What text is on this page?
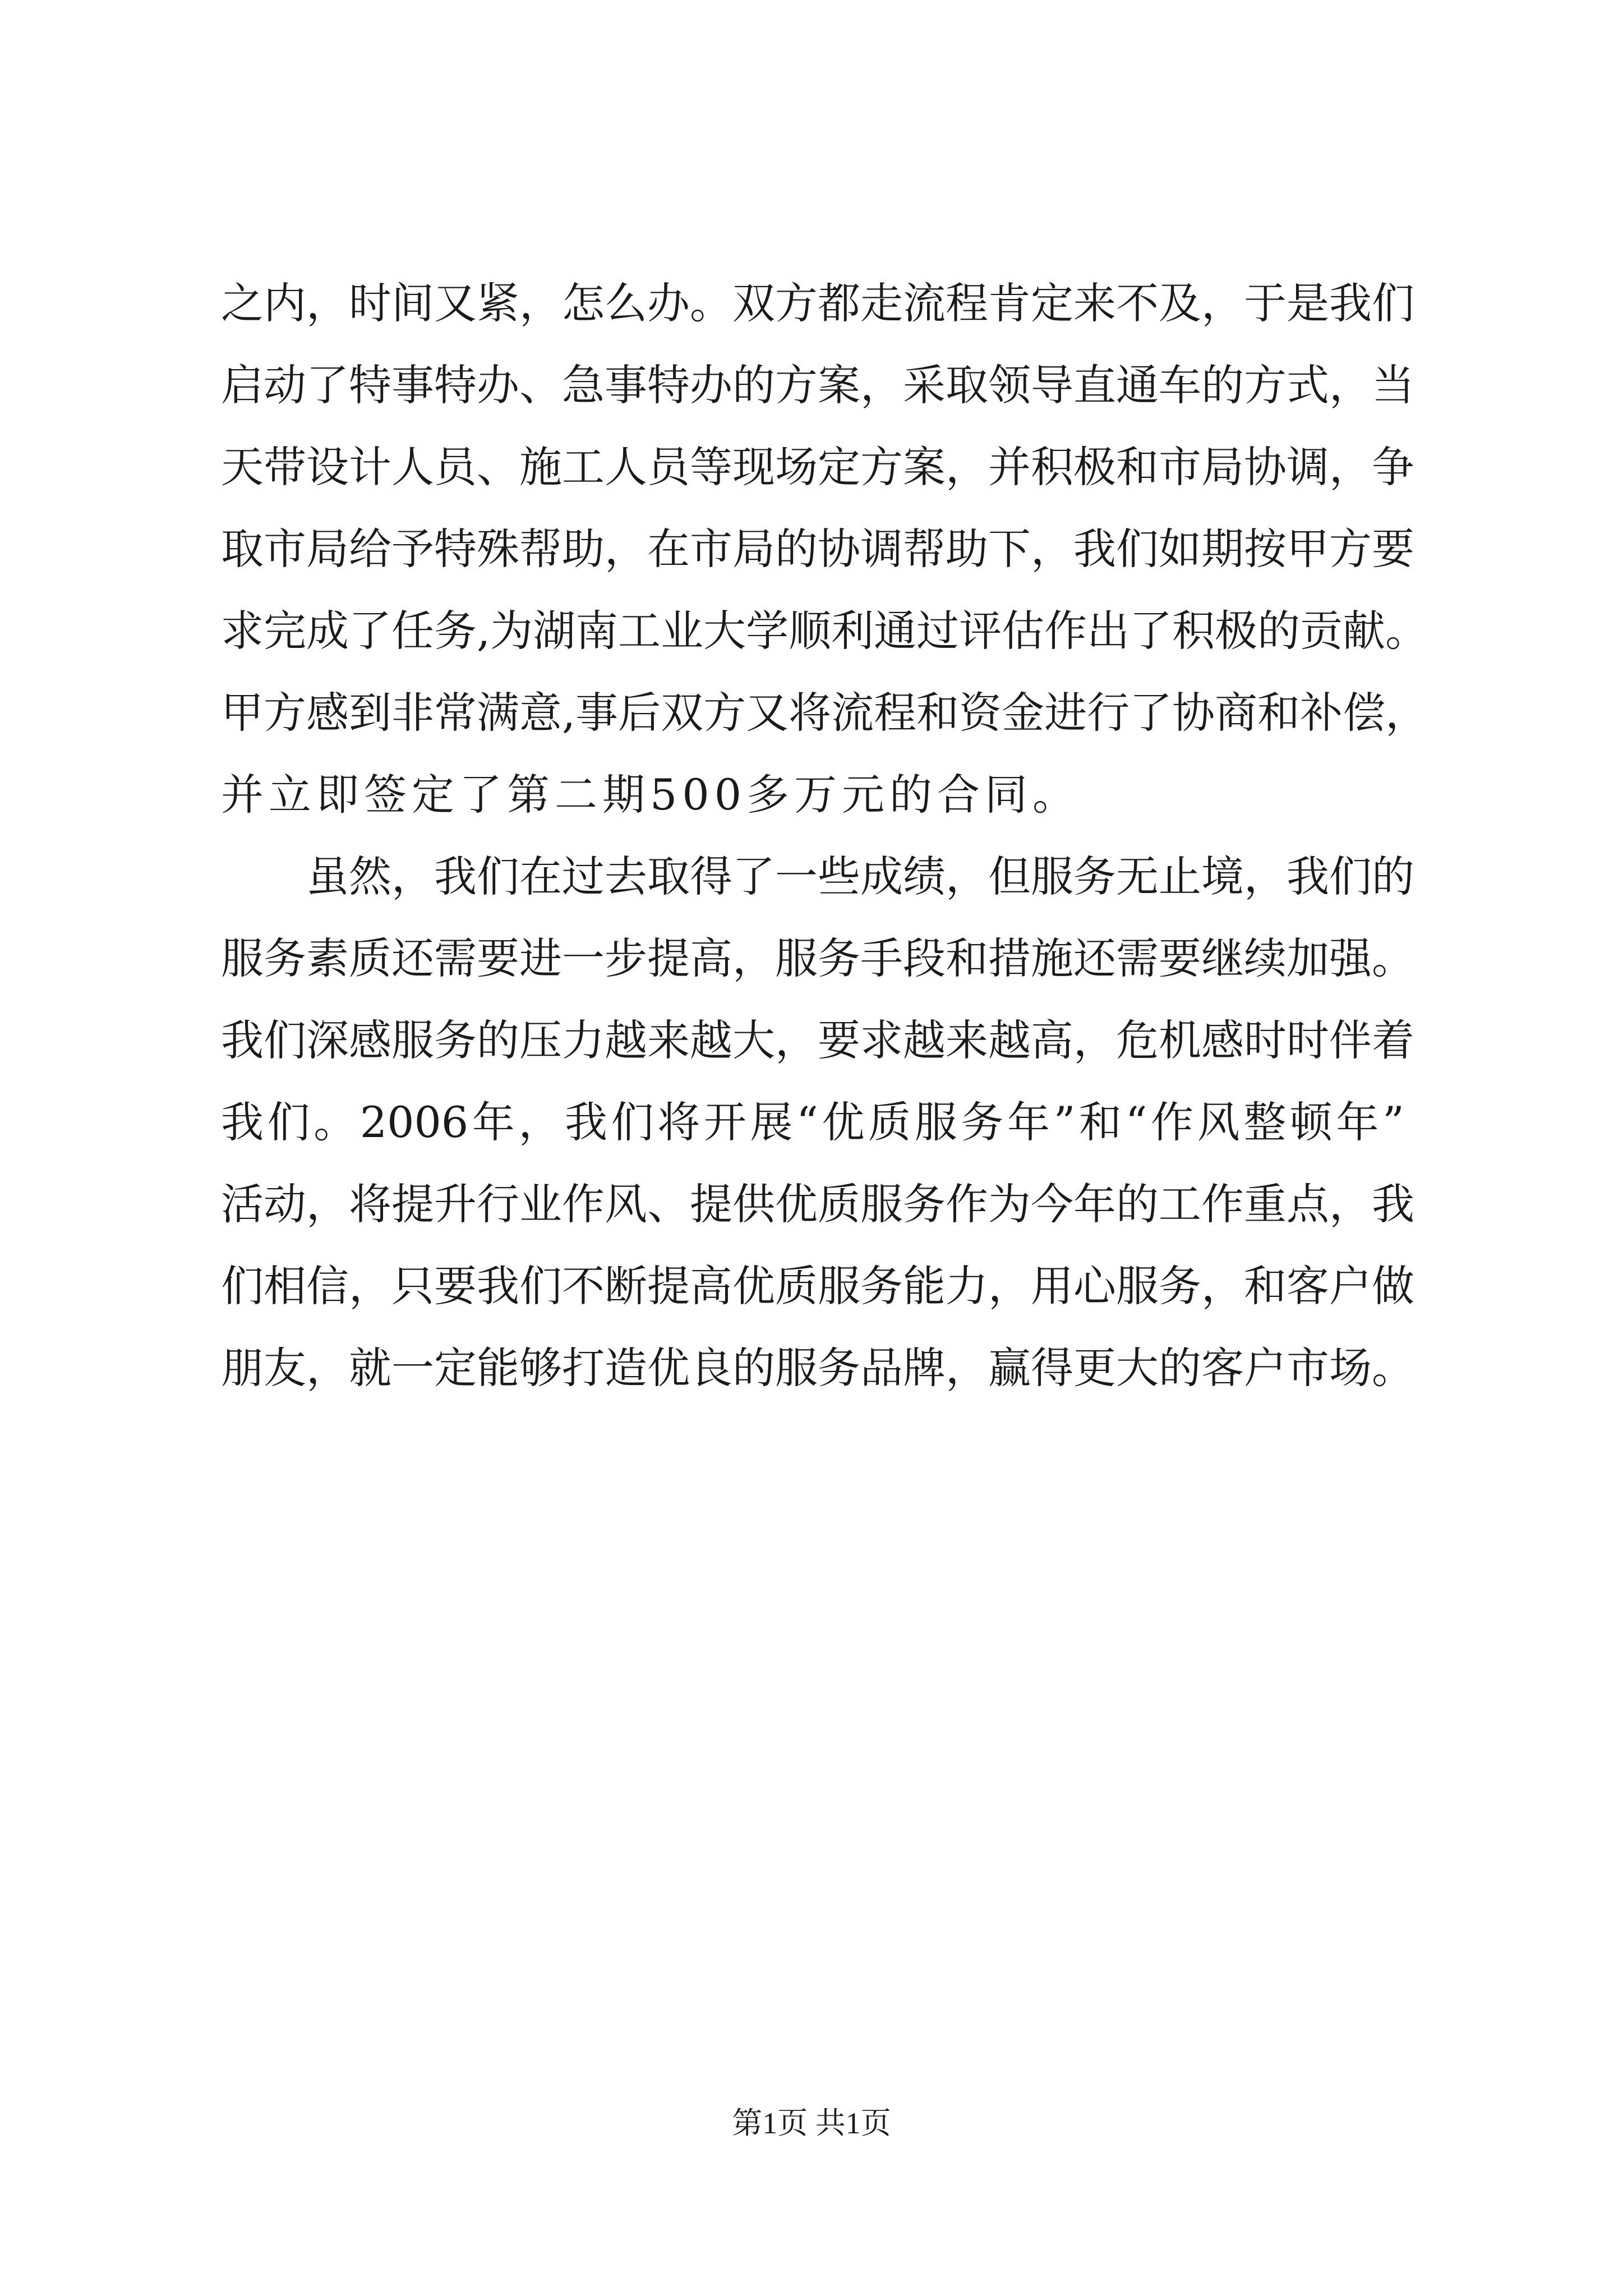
之内，时间又紧，怎么办。双方都走流程肯定来不及，于是我们
启动了特事特办、急事特办的方案，采取领导直通车的方式，当
天带设计人员、施工人员等现场定方案，并积极和市局协调，争
取市局给予特殊帮助，在市局的协调帮助下，我们如期按甲方要
求完成了任务,为湖南工业大学顺利通过评估作出了积极的贡献。
甲方感到非常满意,事后双方又将流程和资金进行了协商和补偿，
并立即签定了第二期500多万元的合同。
虽然，我们在过去取得了一些成绩，但服务无止境，我们的
服务素质还需要进一步提高，服务手段和措施还需要继续加强。
我们深感服务的压力越来越大，要求越来越高，危机感时时伴着
我们。2006年，我们将开展“优质服务年”和“作风整顿年”
活动，将提升行业作风、提供优质服务作为今年的工作重点，我
们相信，只要我们不断提高优质服务能力，用心服务，和客户做
朋友，就一定能够打造优良的服务品牌，赢得更大的客户市场。
第1页 共1页
